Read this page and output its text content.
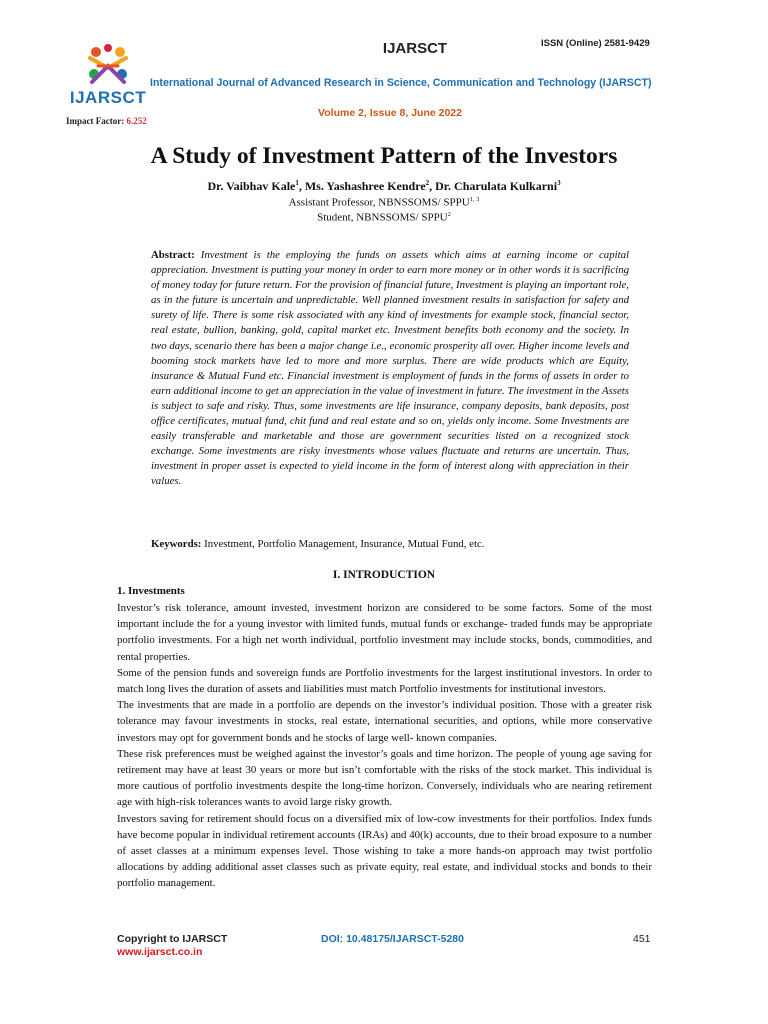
IJARSCT
IJARSCT	ISSN (Online) 2581-9429
International Journal of Advanced Research in Science, Communication and Technology (IJARSCT)
Volume 2, Issue 8, June 2022
Impact Factor: 6.252
A Study of Investment Pattern of the Investors
Dr. Vaibhav Kale$^1$, Ms. Yashashree Kendre$^2$, Dr. Charulata Kulkarni$^3$
Assistant Professor, NBNSSOMS/ SPPU$^{1, 3}$
Student, NBNSSOMS/ SPPU$^2$
Abstract: Investment is the employing the funds on assets which aims at earning income or capital appreciation. Investment is putting your money in order to earn more money or in other words it is sacrificing of money today for future return. For the provision of financial future, Investment is playing an important role, as in the future is uncertain and unpredictable. Well planned investment results in satisfaction for safety and surety of life. There is some risk associated with any kind of investments for example stock, financial sector, real estate, bullion, banking, gold, capital market etc. Investment benefits both economy and the society. In two days, scenario there has been a major change i.e., economic prosperity all over. Higher income levels and booming stock markets have led to more and more surplus. There are wide products which are Equity, insurance & Mutual Fund etc. Financial investment is employment of funds in the forms of assets in order to earn additional income to get an appreciation in the value of investment in future. The investment in the Assets is subject to safe and risky. Thus, some investments are life insurance, company deposits, bank deposits, post office certificates, mutual fund, chit fund and real estate and so on, yields only income. Some Investments are easily transferable and marketable and those are government securities listed on a recognized stock exchange. Some investments are risky investments whose values fluctuate and returns are uncertain. Thus, investment in proper asset is expected to yield income in the form of interest along with appreciation in their values.
Keywords: Investment, Portfolio Management, Insurance, Mutual Fund, etc.
I. INTRODUCTION
1. Investments

Investor’s risk tolerance, amount invested, investment horizon are considered to be some factors. Some of the most important include the for a young investor with limited funds, mutual funds or exchange- traded funds may be appropriate portfolio investments. For a high net worth individual, portfolio investment may include stocks, bonds, commodities, and rental properties.

Some of the pension funds and sovereign funds are Portfolio investments for the largest institutional investors. In order to match long lives the duration of assets and liabilities must match Portfolio investments for institutional investors.

The investments that are made in a portfolio are depends on the investor’s individual position. Those with a greater risk tolerance may favour investments in stocks, real estate, international securities, and options, while more conservative investors may opt for government bonds and he stocks of large well- known companies.

These risk preferences must be weighed against the investor’s goals and time horizon. The people of young age saving for retirement may have at least 30 years or more but isn’t comfortable with the risks of the stock market. This individual is more cautious of portfolio investments despite the long-time horizon. Conversely, individuals who are nearing retirement age with high-risk tolerances wants to avoid large risky growth.

Investors saving for retirement should focus on a diversified mix of low-cow investments for their portfolios. Index funds have become popular in individual retirement accounts (IRAs) and 40(k) accounts, due to their broad exposure to a number of asset classes at a minimum expenses level. Those wishing to take a more hands-on approach may twist portfolio allocations by adding additional asset classes such as private equity, real estate, and individual stocks and bonds to their portfolio management.

Copyright to IJARSCT
www.ijarsct.co.in
DOI: 10.48175/IJARSCT-5280	451
